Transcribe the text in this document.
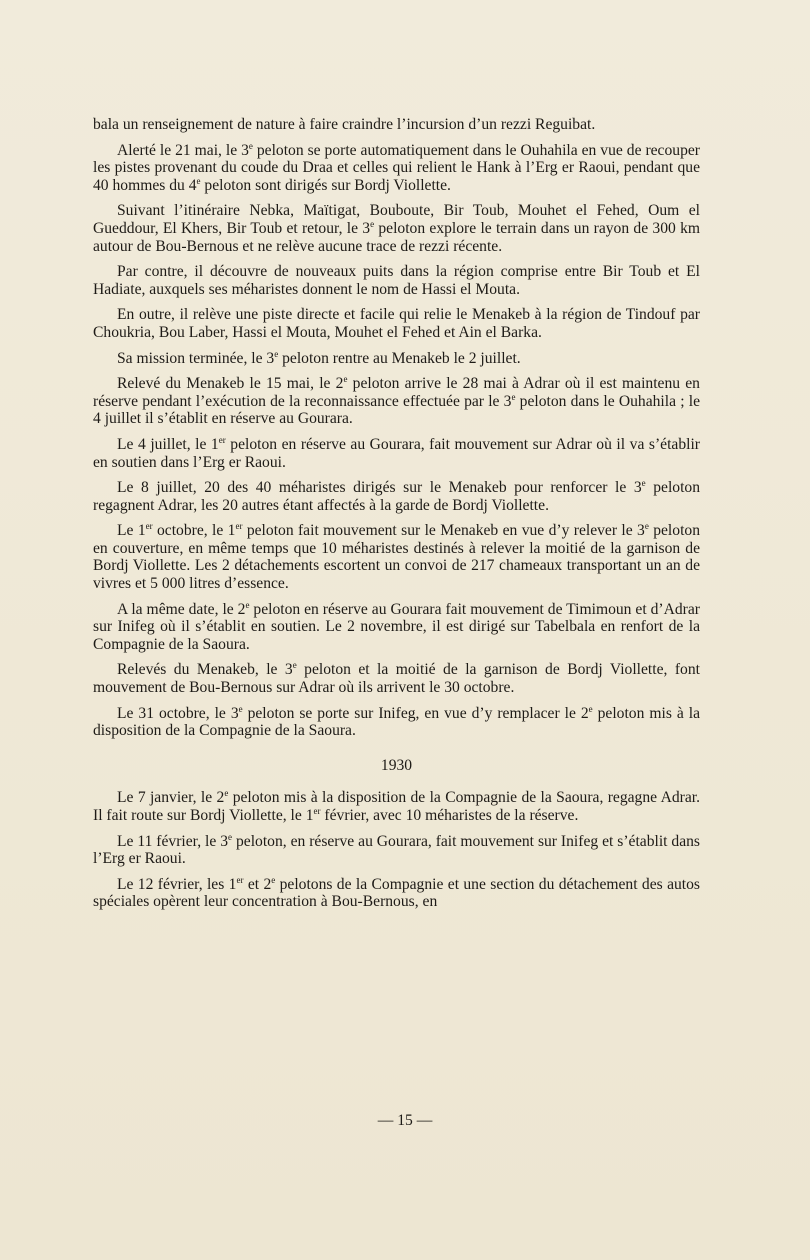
bala un renseignement de nature à faire craindre l’incursion d’un rezzi Reguibat.

Alerté le 21 mai, le 3e peloton se porte automatiquement dans le Ouhahila en vue de recouper les pistes provenant du coude du Draa et celles qui relient le Hank à l’Erg er Raoui, pendant que 40 hommes du 4e peloton sont dirigés sur Bordj Viollette.

Suivant l’itinéraire Nebka, Maïtigat, Bouboute, Bir Toub, Mouhet el Fehed, Oum el Gueddour, El Khers, Bir Toub et retour, le 3e peloton explore le terrain dans un rayon de 300 km autour de Bou-Bernous et ne relève aucune trace de rezzi récente.

Par contre, il découvre de nouveaux puits dans la région comprise entre Bir Toub et El Hadiate, auxquels ses méharistes donnent le nom de Hassi el Mouta.

En outre, il relève une piste directe et facile qui relie le Menakeb à la région de Tindouf par Choukria, Bou Laber, Hassi el Mouta, Mouhet el Fehed et Ain el Barka.

Sa mission terminée, le 3e peloton rentre au Menakeb le 2 juillet.

Relevé du Menakeb le 15 mai, le 2e peloton arrive le 28 mai à Adrar où il est maintenu en réserve pendant l’exécution de la reconnaissance effectuée par le 3e peloton dans le Ouhahila ; le 4 juillet il s’établit en réserve au Gourara.

Le 4 juillet, le 1er peloton en réserve au Gourara, fait mouvement sur Adrar où il va s’établir en soutien dans l’Erg er Raoui.

Le 8 juillet, 20 des 40 méharistes dirigés sur le Menakeb pour renforcer le 3e peloton regagnent Adrar, les 20 autres étant affectés à la garde de Bordj Viollette.

Le 1er octobre, le 1er peloton fait mouvement sur le Menakeb en vue d’y relever le 3e peloton en couverture, en même temps que 10 méharistes destinés à relever la moitié de la garnison de Bordj Viollette. Les 2 détachements escortent un convoi de 217 chameaux transportant un an de vivres et 5 000 litres d’essence.

A la même date, le 2e peloton en réserve au Gourara fait mouvement de Timimoun et d’Adrar sur Inifeg où il s’établit en soutien. Le 2 novembre, il est dirigé sur Tabelbala en renfort de la Compagnie de la Saoura.

Relevés du Menakeb, le 3e peloton et la moitié de la garnison de Bordj Viollette, font mouvement de Bou-Bernous sur Adrar où ils arrivent le 30 octobre.

Le 31 octobre, le 3e peloton se porte sur Inifeg, en vue d’y remplacer le 2e peloton mis à la disposition de la Compagnie de la Saoura.

1930

Le 7 janvier, le 2e peloton mis à la disposition de la Compagnie de la Saoura, regagne Adrar. Il fait route sur Bordj Viollette, le 1er février, avec 10 méharistes de la réserve.

Le 11 février, le 3e peloton, en réserve au Gourara, fait mouvement sur Inifeg et s’établit dans l’Erg er Raoui.

Le 12 février, les 1er et 2e pelotons de la Compagnie et une section du détachement des autos spéciales opèrent leur concentration à Bou-Bernous, en

— 15 —
